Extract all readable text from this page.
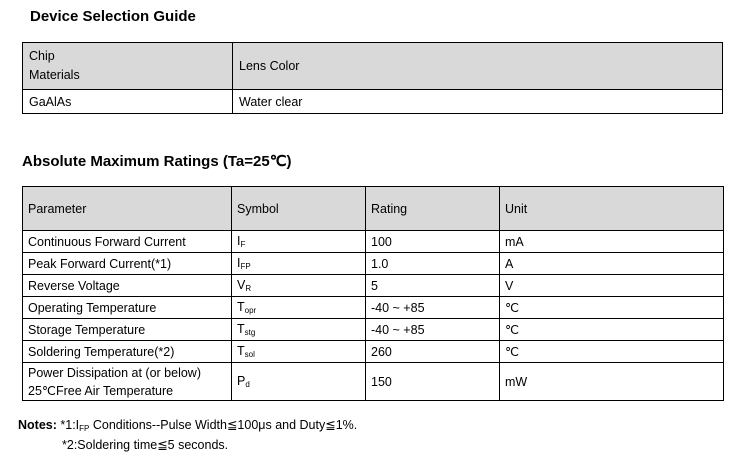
Device Selection Guide
Chip
Materials	Lens Color
GaAlAs	Water clear
Absolute Maximum Ratings (Ta=25℃)
Parameter	Symbol	Rating	Unit
Continuous Forward Current	$I_F$	100	mA
Peak Forward Current(*1)	$I_{FP}$	1.0	A
Reverse Voltage	$V_R$	5	V
Operating Temperature	$T_{opr}$	-40 ~ +85	℃
Storage Temperature	$T_{stg}$	-40 ~ +85	℃
Soldering Temperature(*2)	$T_{sol}$	260	℃
Power Dissipation at (or below)
25℃Free Air Temperature	$P_d$	150	mW
Notes: $*1:I_{FP}$ Conditions--Pulse Width≦100μs and Duty≦1%.
*2:Soldering time≦5 seconds.
